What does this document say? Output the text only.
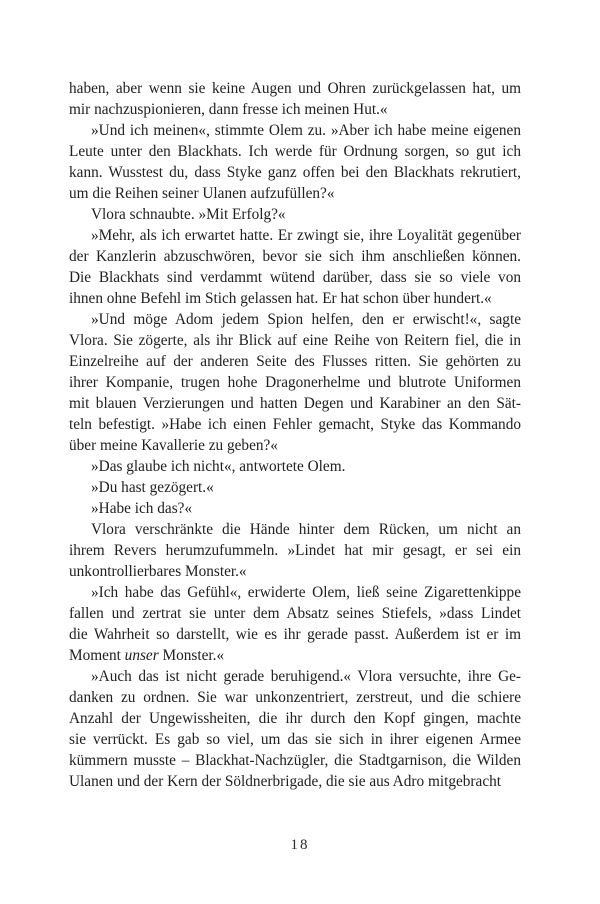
haben, aber wenn sie keine Augen und Ohren zurückgelassen hat, um
mir nachzuspionieren, dann fresse ich meinen Hut.«
»Und ich meinen«, stimmte Olem zu. »Aber ich habe meine eigenen
Leute unter den Blackhats. Ich werde für Ordnung sorgen, so gut ich
kann. Wusstest du, dass Styke ganz offen bei den Blackhats rekrutiert,
um die Reihen seiner Ulanen aufzufüllen?«
Vlora schnaubte. »Mit Erfolg?«
»Mehr, als ich erwartet hatte. Er zwingt sie, ihre Loyalität gegenüber
der Kanzlerin abzuschwören, bevor sie sich ihm anschließen können.
Die Blackhats sind verdammt wütend darüber, dass sie so viele von
ihnen ohne Befehl im Stich gelassen hat. Er hat schon über hundert.«
»Und möge Adom jedem Spion helfen, den er erwischt!«, sagte
Vlora. Sie zögerte, als ihr Blick auf eine Reihe von Reitern fiel, die in
Einzelreihe auf der anderen Seite des Flusses ritten. Sie gehörten zu
ihrer Kompanie, trugen hohe Dragonerhelme und blutrote Uniformen
mit blauen Verzierungen und hatten Degen und Karabiner an den Sät-
teln befestigt. »Habe ich einen Fehler gemacht, Styke das Kommando
über meine Kavallerie zu geben?«
»Das glaube ich nicht«, antwortete Olem.
»Du hast gezögert.«
»Habe ich das?«
Vlora verschränkte die Hände hinter dem Rücken, um nicht an
ihrem Revers herumzufummeln. »Lindet hat mir gesagt, er sei ein
unkontrollierbares Monster.«
»Ich habe das Gefühl«, erwiderte Olem, ließ seine Zigarettenkippe
fallen und zertrat sie unter dem Absatz seines Stiefels, »dass Lindet
die Wahrheit so darstellt, wie es ihr gerade passt. Außerdem ist er im
Moment unser Monster.«
»Auch das ist nicht gerade beruhigend.« Vlora versuchte, ihre Ge-
danken zu ordnen. Sie war unkonzentriert, zerstreut, und die schiere
Anzahl der Ungewissheiten, die ihr durch den Kopf gingen, machte
sie verrückt. Es gab so viel, um das sie sich in ihrer eigenen Armee
kümmern musste – Blackhat-Nachzügler, die Stadtgarnison, die Wilden
Ulanen und der Kern der Söldnerbrigade, die sie aus Adro mitgebracht
18
